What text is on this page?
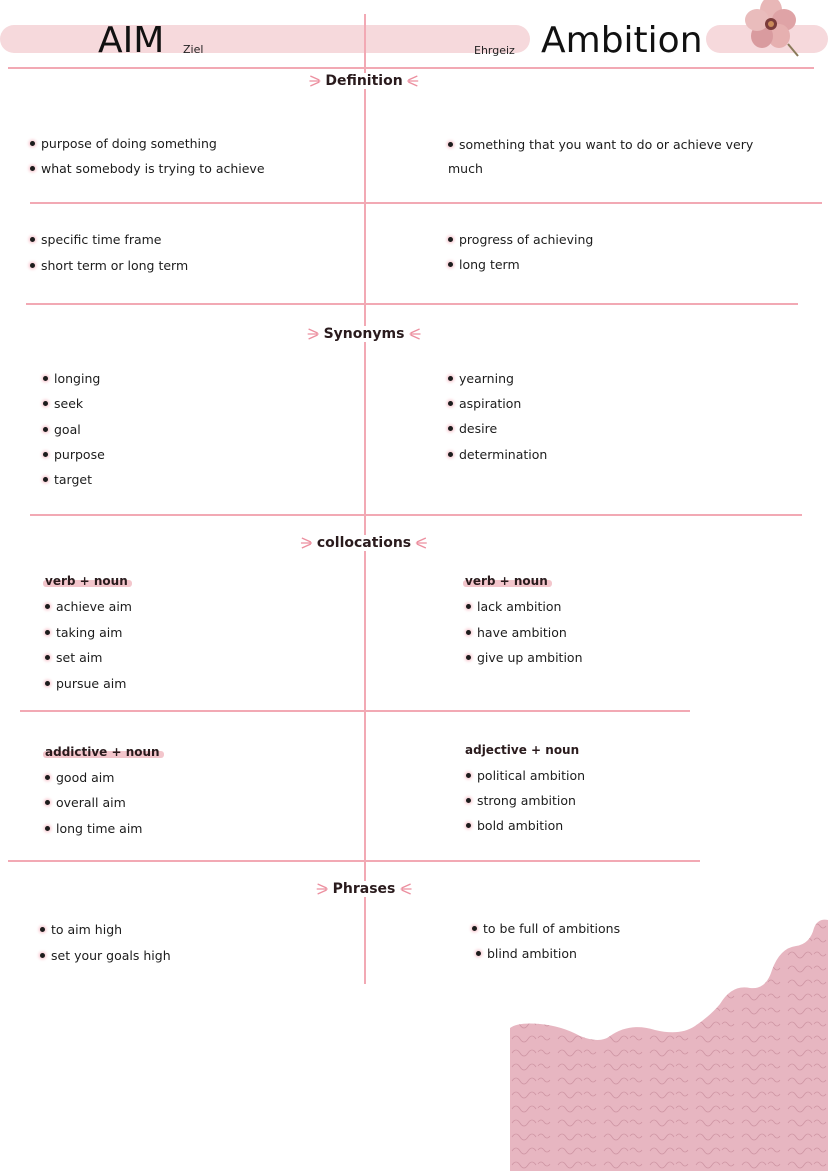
AIM Ziel	Ehrgeiz Ambition
Definition
Synonyms
collocations
Phrases
purpose of doing something
what somebody is trying to achieve
something that you want to do or achieve very much
specific time frame
short term or long term
progress of achieving
long term
longing
seek
goal
purpose
target
yearning
aspiration
desire
determination
verb + noun
achieve aim
taking aim
set aim
pursue aim
verb + noun
lack ambition
have ambition
give up ambition
addictive + noun
good aim
overall aim
long time aim
adjective + noun
political ambition
strong ambition
bold ambition
to aim high
set your goals high
to be full of ambitions
blind ambition
